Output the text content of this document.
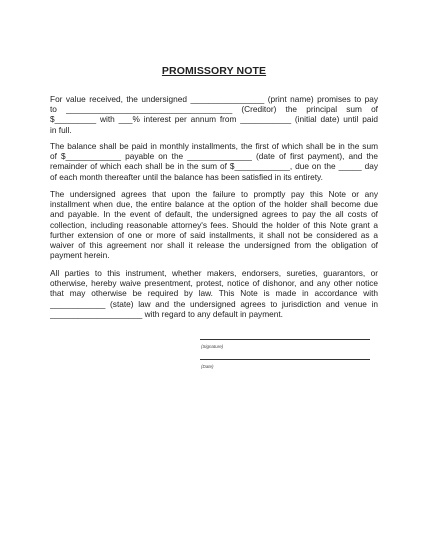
PROMISSORY NOTE
For value received, the undersigned ________________ (print name) promises to pay
to ____________________________________ (Creditor) the principal sum of
$_________ with ___% interest per annum from ___________ (initial date) until paid
in full.
The balance shall be paid in monthly installments, the first of which shall be in the sum
of $____________ payable on the ______________ (date of first payment), and the
remainder of which each shall be in the sum of $____________, due on the _____ day
of each month thereafter until the balance has been satisfied in its entirety.
The undersigned agrees that upon the failure to promptly pay this Note or any
installment when due, the entire balance at the option of the holder shall become due
and payable. In the event of default, the undersigned agrees to pay the all costs of
collection, including reasonable attorney's fees. Should the holder of this Note grant a
further extension of one or more of said installments, it shall not be considered as a
waiver of this agreement nor shall it release the undersigned from the obligation of
payment herein.
All parties to this instrument, whether makers, endorsers, sureties, guarantors, or
otherwise, hereby waive presentment, protest, notice of dishonor, and any other notice
that may otherwise be required by law. This Note is made in accordance with
____________ (state) law and the undersigned agrees to jurisdiction and venue in
____________________ with regard to any default in payment.
(Signature)
(Date)
